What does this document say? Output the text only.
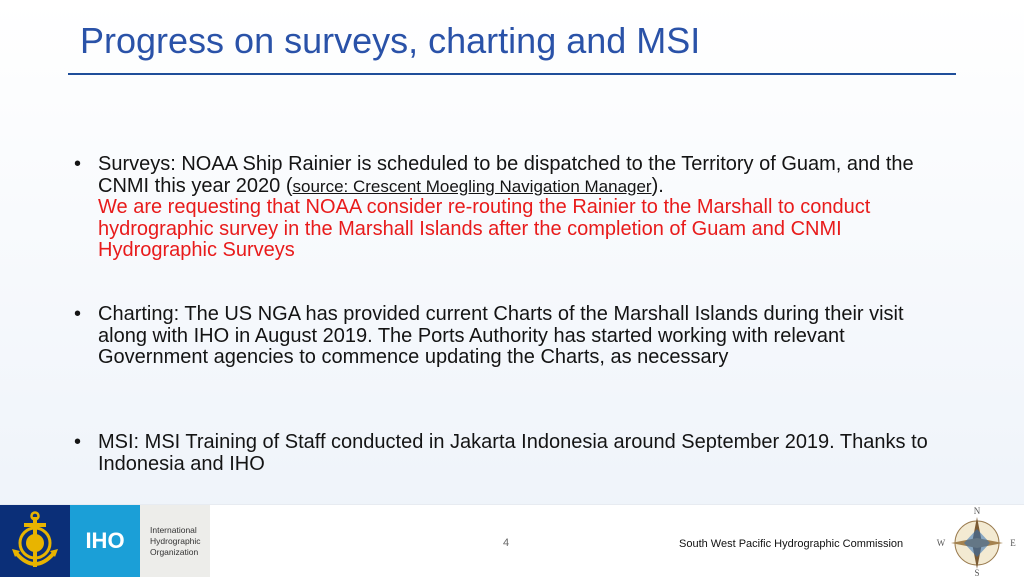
Progress on surveys, charting and MSI
• Surveys: NOAA Ship Rainier is scheduled to be dispatched to the Territory of Guam, and the CNMI this year 2020 (source: Crescent Moegling Navigation Manager).
We are requesting that NOAA consider re-routing the Rainier to the Marshall to conduct hydrographic survey in the Marshall Islands after the completion of Guam and CNMI Hydrographic Surveys
• Charting: The US NGA has provided current Charts of the Marshall Islands during their visit along with IHO in August 2019. The Ports Authority has started working with relevant Government agencies to commence updating the Charts, as necessary
• MSI: MSI Training of Staff conducted in Jakarta Indonesia around September 2019. Thanks to Indonesia and IHO
IHO	International
Hydrographic
Organization
4	South West Pacific Hydrographic Commission
N
E
S
W
